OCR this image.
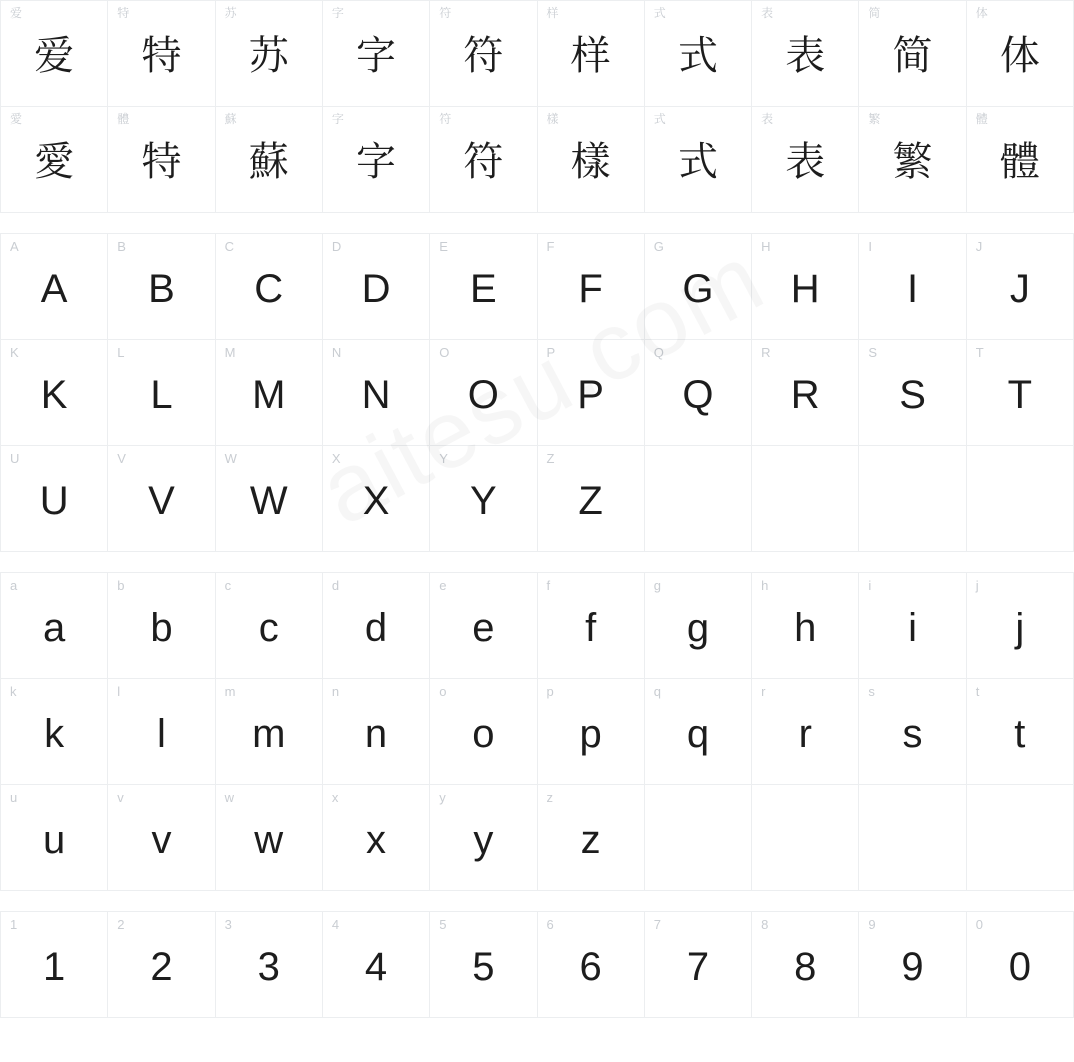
爱
爱
特
特
苏
苏
字
字
符
符
样
样
式
式
表
表
简
简
体
体
愛
愛
體
特
蘇
蘇
字
字
符
符
樣
樣
式
式
表
表
繁
繁
體
體
A
A
B
B
C
C
D
D
E
E
F
F
G
G
H
H
I
I
J
J
K
K
L
L
M
M
N
N
O
O
P
P
Q
Q
R
R
S
S
T
T
U
U
V
V
W
W
X
X
Y
Y
Z
Z
a
a
b
b
c
c
d
d
e
e
f
f
g
g
h
h
i
i
j
j
k
k
l
l
m
m
n
n
o
o
p
p
q
q
r
r
s
s
t
t
u
u
v
v
w
w
x
x
y
y
z
z
1
1
2
2
3
3
4
4
5
5
6
6
7
7
8
8
9
9
0
0
